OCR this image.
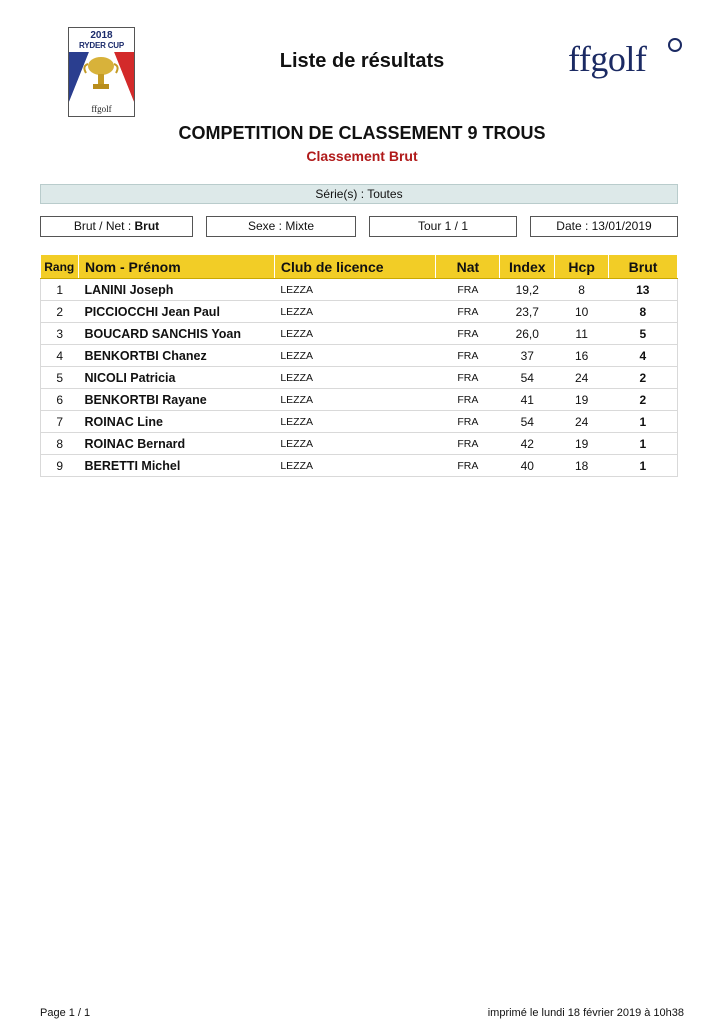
2018
RYDER CUP
ffgolf
Liste de résultats	ffgolf
COMPETITION DE CLASSEMENT 9 TROUS
Classement Brut
Série(s) : Toutes
Brut / Net : Brut	Sexe : Mixte	Tour 1 / 1	Date : 13/01/2019
Rang	Nom - Prénom	Club de licence	Nat	Index	Hcp	Brut
1	LANINI Joseph	LEZZA	FRA	19,2	8	13
2	PICCIOCCHI Jean Paul	LEZZA	FRA	23,7	10	8
3	BOUCARD SANCHIS Yoan	LEZZA	FRA	26,0	11	5
4	BENKORTBI Chanez	LEZZA	FRA	37	16	4
5	NICOLI Patricia	LEZZA	FRA	54	24	2
6	BENKORTBI Rayane	LEZZA	FRA	41	19	2
7	ROINAC Line	LEZZA	FRA	54	24	1
8	ROINAC Bernard	LEZZA	FRA	42	19	1
9	BERETTI Michel	LEZZA	FRA	40	18	1
Page 1 / 1	imprimé le lundi 18 février 2019 à 10h38
